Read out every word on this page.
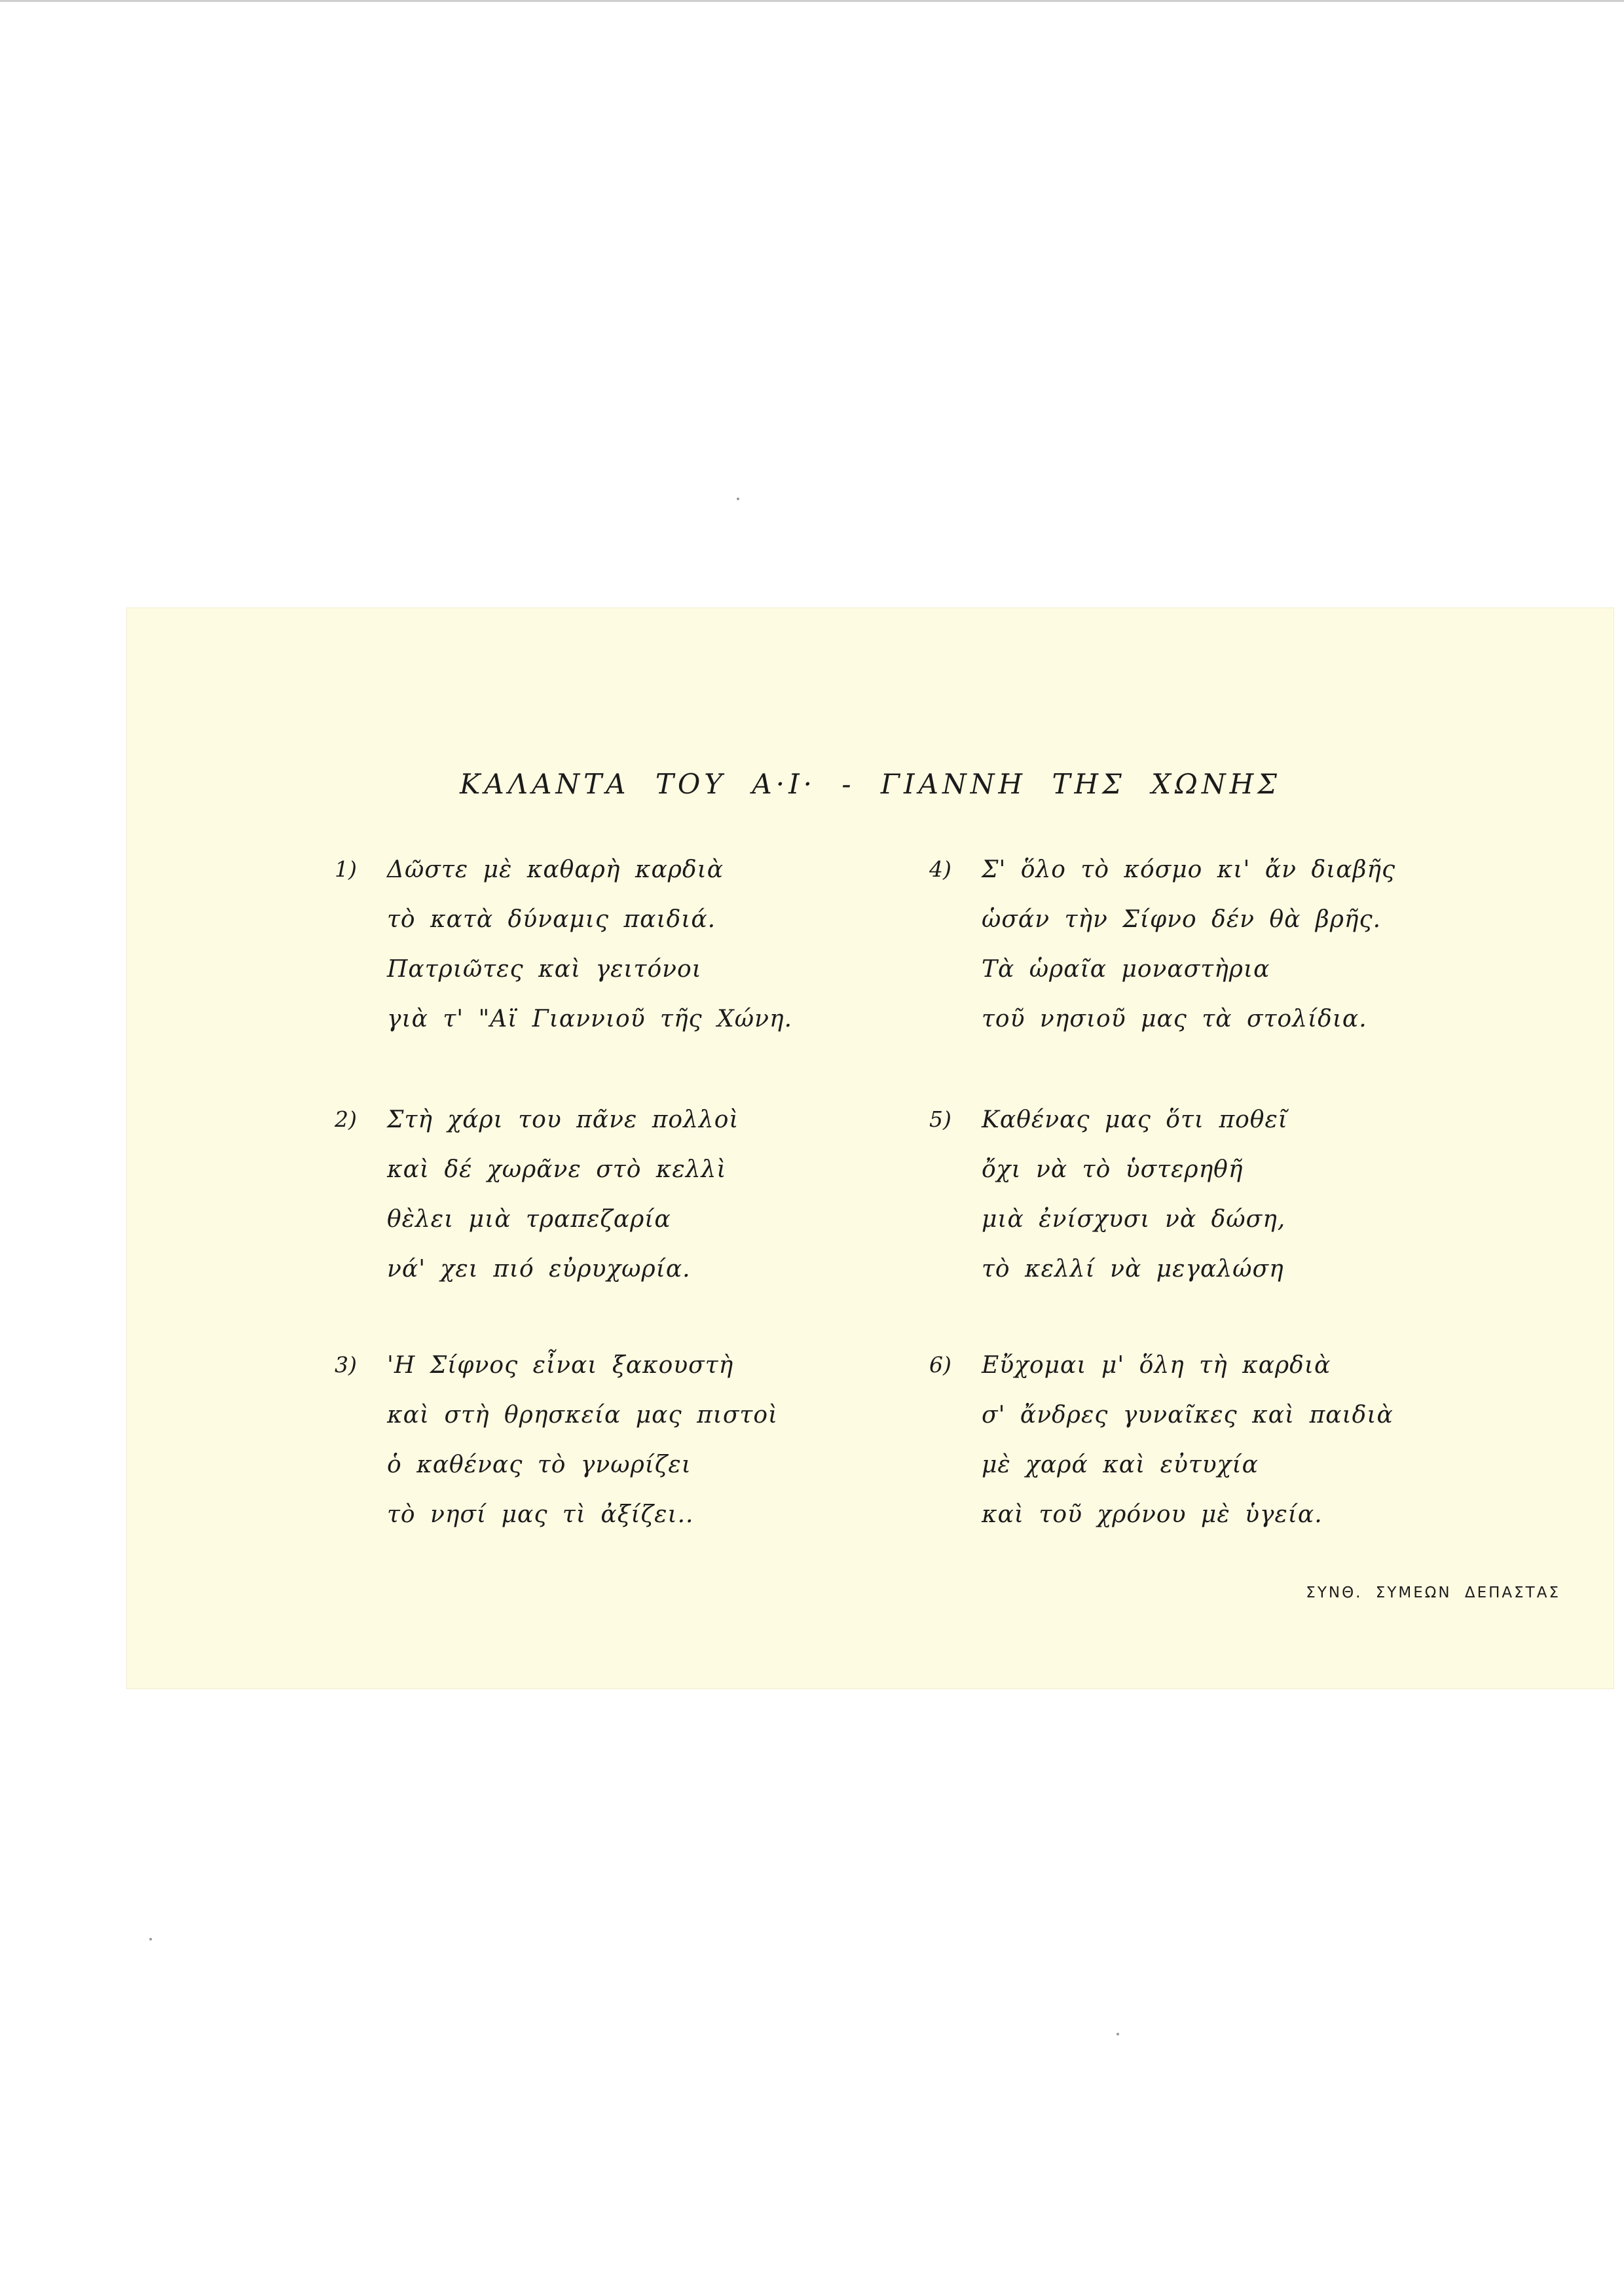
ΚΑΛΑΝΤΑ ΤΟΥ Α·Ι· - ΓΙΑΝΝΗ ΤΗΣ ΧΩΝΗΣ
1) Δῶστε μὲ καθαρὴ καρδιὰ
τὸ κατὰ δύναμις παιδιά.
Πατριῶτες καὶ γειτόνοι
γιὰ τ' "Αϊ Γιαννιοῦ τῆς Χώνη.
2) Στὴ χάρι του πᾶνε πολλοὶ
καὶ δέ χωρᾶνε στὸ κελλὶ
θὲλει μιὰ τραπεζαρία
νά' χει πιό εὐρυχωρία.
3) 'Η Σίφνος εἶναι ξακουστὴ
καὶ στὴ θρησκεία μας πιστοὶ
ὁ καθένας τὸ γνωρίζει
τὸ νησί μας τὶ ἀξίζει..
4) Σ' ὅλο τὸ κόσμο κι' ἄν διαβῆς
ὡσάν τὴν Σίφνο δέν θὰ βρῆς.
Τὰ ὡραῖα μοναστὴρια
τοῦ νησιοῦ μας τὰ στολίδια.
5) Καθένας μας ὅτι ποθεῖ
ὄχι νὰ τὸ ὑστερηθῆ
μιὰ ἐνίσχυσι νὰ δώση,
τὸ κελλί νὰ μεγαλώση
6) Εὔχομαι μ' ὅλη τὴ καρδιὰ
σ' ἄνδρες γυναῖκες καὶ παιδιὰ
μὲ χαρά καὶ εὐτυχία
καὶ τοῦ χρόνου μὲ ὑγεία.
ΣΥΝΘ. ΣΥΜΕΩΝ ΔΕΠΑΣΤΑΣ
